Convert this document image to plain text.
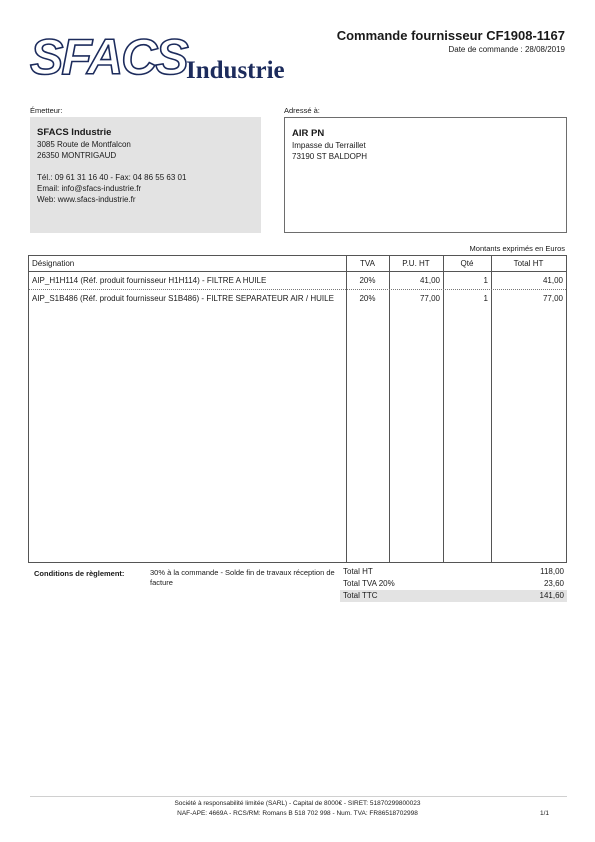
SFACS Industrie
Commande fournisseur CF1908-1167
Date de commande : 28/08/2019
Émetteur:
SFACS Industrie
3085 Route de Montfalcon
26350 MONTRIGAUD
Tél.: 09 61 31 16 40 - Fax: 04 86 55 63 01
Email: info@sfacs-industrie.fr
Web: www.sfacs-industrie.fr
Adressé à:
AIR PN
Impasse du Terraillet
73190 ST BALDOPH
Montants exprimés en Euros
Désignation	TVA	P.U. HT	Qté	Total HT
AIP_H1H114 (Réf. produit fournisseur H1H114) - FILTRE A HUILE	20%	41,00	1	41,00
AIP_S1B486 (Réf. produit fournisseur S1B486) - FILTRE SEPARATEUR AIR / HUILE	20%	77,00	1	77,00
Conditions de règlement:	30% à la commande - Solde fin de travaux réception de facture
Total HT	118,00
Total TVA 20%	23,60
Total TTC	141,60
Société à responsabilité limitée (SARL) - Capital de 8000€ - SIRET: 51870299800023
NAF-APE: 4669A - RCS/RM: Romans B 518 702 998 - Num. TVA: FR86518702998	1/1
